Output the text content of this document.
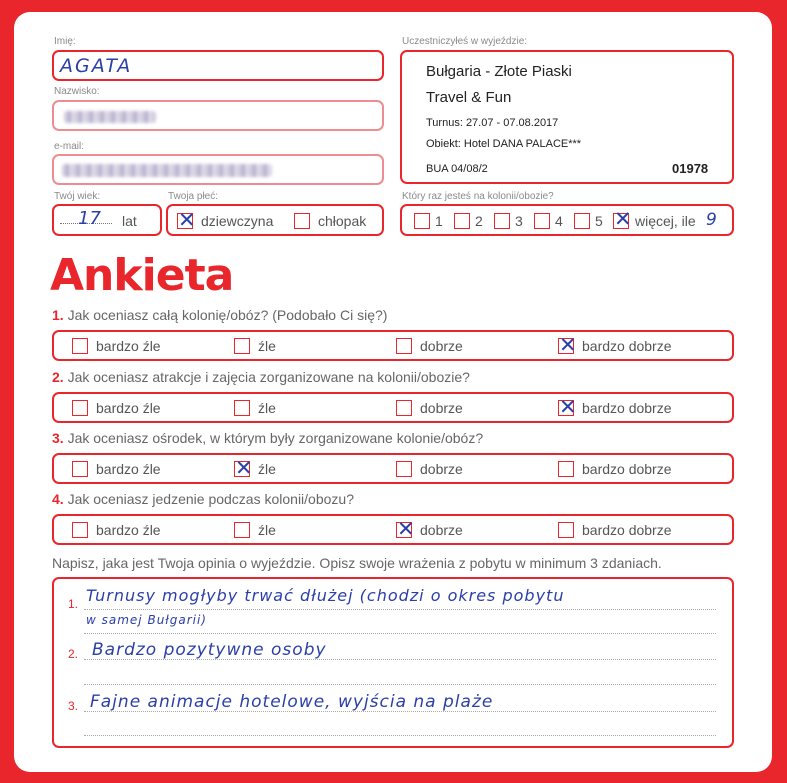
Imię:
AGATA
Nazwisko:
e-mail:
Twój wiek:
17 lat
Twoja płeć:
✕ dziewczyna	chłopak
Uczestniczyłeś w wyjeździe:
Bułgaria - Złote Piaski
Travel & Fun
Turnus: 27.07 - 07.08.2017
Obiekt: Hotel DANA PALACE***
BUA 04/08/2	01978
Który raz jesteś na kolonii/obozie?
1 2 3 4 5 ✕ więcej, ile 9
Ankieta
1. Jak oceniasz całą kolonię/obóz? (Podobało Ci się?)
bardzo źle	źle	dobrze	✕ bardzo dobrze
2. Jak oceniasz atrakcje i zajęcia zorganizowane na kolonii/obozie?
bardzo źle	źle	dobrze	✕ bardzo dobrze
3. Jak oceniasz ośrodek, w którym były zorganizowane kolonie/obóz?
bardzo źle	✕ źle	dobrze	bardzo dobrze
4. Jak oceniasz jedzenie podczas kolonii/obozu?
bardzo źle	źle	✕ dobrze	bardzo dobrze
Napisz, jaka jest Twoja opinia o wyjeździe. Opisz swoje wrażenia z pobytu w minimum 3 zdaniach.
1. Turnusy mogłyby trwać dłużej (chodzi o okres pobytu
w samej Bułgarii)
2. Bardzo pozytywne osoby
3. Fajne animacje hotelowe, wyjścia na plaże
